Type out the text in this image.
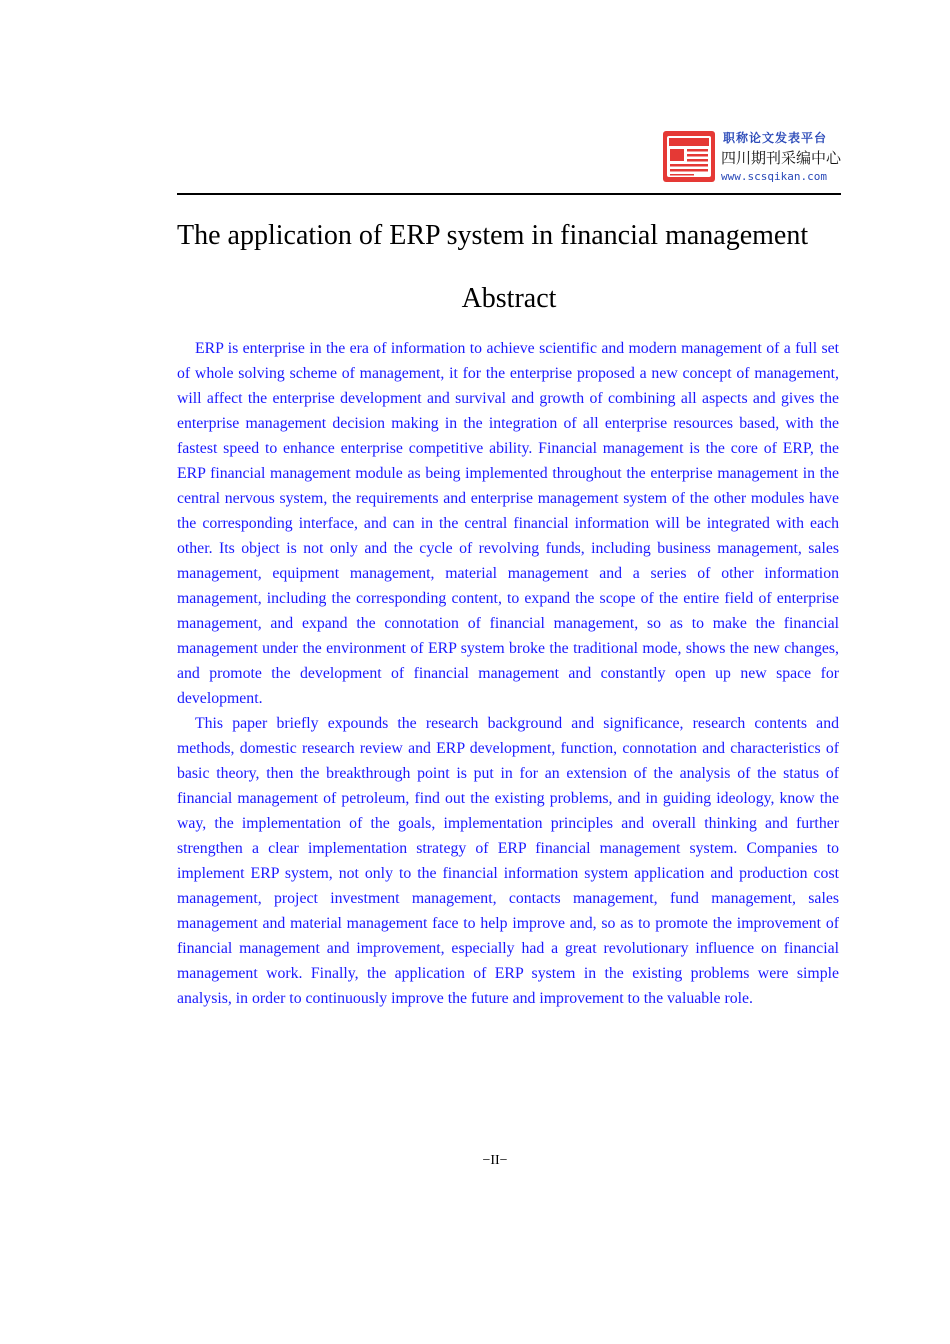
职称论文发表平台
四川期刊采编中心
www.scsqikan.com
The application of ERP system in financial management
Abstract

ERP is enterprise in the era of information to achieve scientific and modern management of a full set of whole solving scheme of management, it for the enterprise proposed a new concept of management, will affect the enterprise development and survival and growth of combining all aspects and gives the enterprise management decision making in the integration of all enterprise resources based, with the fastest speed to enhance enterprise competitive ability. Financial management is the core of ERP, the ERP financial management module as being implemented throughout the enterprise management in the central nervous system, the requirements and enterprise management system of the other modules have the corresponding interface, and can in the central financial information will be integrated with each other. Its object is not only and the cycle of revolving funds, including business management, sales management, equipment management, material management and a series of other information management, including the corresponding content, to expand the scope of the entire field of enterprise management, and expand the connotation of financial management, so as to make the financial management under the environment of ERP system broke the traditional mode, shows the new changes, and promote the development of financial management and constantly open up new space for development.

This paper briefly expounds the research background and significance, research contents and methods, domestic research review and ERP development, function, connotation and characteristics of basic theory, then the breakthrough point is put in for an extension of the analysis of the status of financial management of petroleum, find out the existing problems, and in guiding ideology, know the way, the implementation of the goals, implementation principles and overall thinking and further strengthen a clear implementation strategy of ERP financial management system. Companies to implement ERP system, not only to the financial information system application and production cost management, project investment management, contacts management, fund management, sales management and material management face to help improve and, so as to promote the improvement of financial management and improvement, especially had a great revolutionary influence on financial management work. Finally, the application of ERP system in the existing problems were simple analysis, in order to continuously improve the future and improvement to the valuable role.

−II−
